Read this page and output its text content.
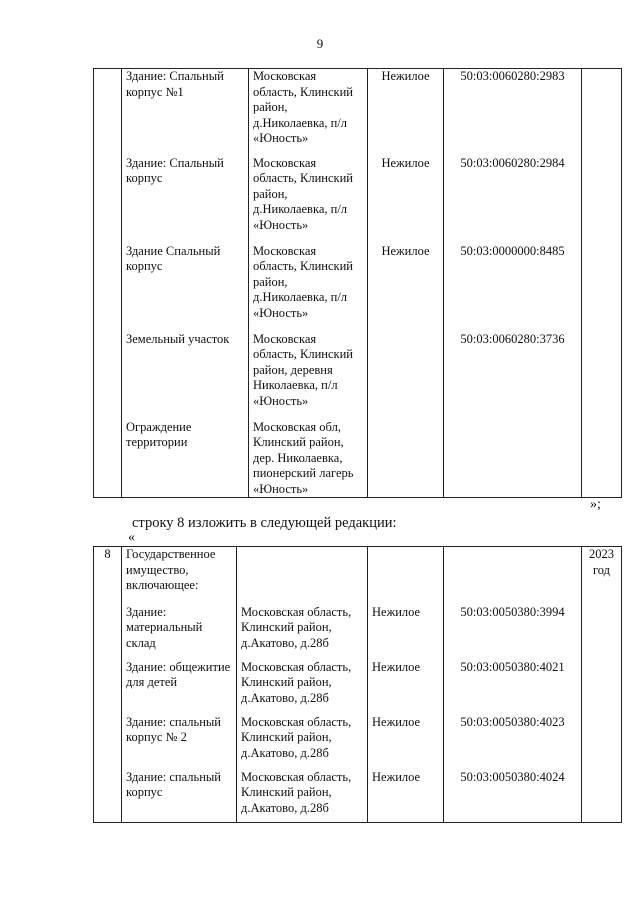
9

	Здание: Спальный корпус №1	Московская область, Клинский район, д.Николаевка, п/л «Юность»	Нежилое	50:03:0060280:2983	

	Здание: Спальный корпус	Московская область, Клинский район, д.Николаевка, п/л «Юность»	Нежилое	50:03:0060280:2984	

	Здание Спальный корпус	Московская область, Клинский район, д.Николаевка, п/л «Юность»	Нежилое	50:03:0000000:8485	

	Земельный участок	Московская область, Клинский район, деревня Николаевка, п/л «Юность»		50:03:0060280:3736	

	Ограждение территории	Московская обл, Клинский район, дер. Николаевка, пионерский лагерь «Юность»			

»;
строку 8 изложить в следующей редакции:
«
8	Государственное имущество, включающее:				2023 год

	Здание: материальный склад	Московская область, Клинский район, д.Акатово, д.28б	Нежилое	50:03:0050380:3994	

	Здание: общежитие для детей	Московская область, Клинский район, д.Акатово, д.28б	Нежилое	50:03:0050380:4021	

	Здание: спальный корпус № 2	Московская область, Клинский район, д.Акатово, д.28б	Нежилое	50:03:0050380:4023	

	Здание: спальный корпус	Московская область, Клинский район, д.Акатово, д.28б	Нежилое	50:03:0050380:4024	
